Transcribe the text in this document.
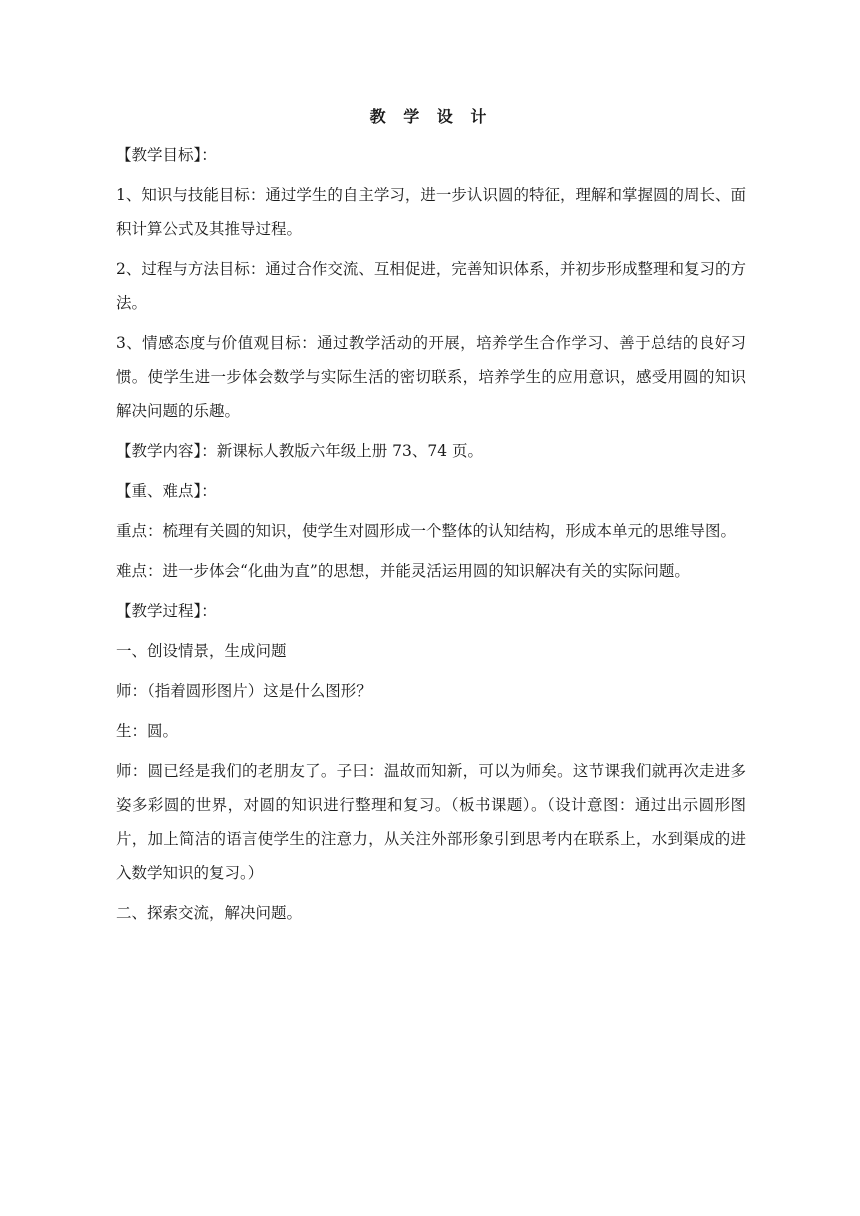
教 学 设 计

【教学目标】：

1、知识与技能目标：通过学生的自主学习，进一步认识圆的特征，理解和掌握圆的周长、面积计算公式及其推导过程。

2、过程与方法目标：通过合作交流、互相促进，完善知识体系，并初步形成整理和复习的方法。

3、情感态度与价值观目标：通过教学活动的开展，培养学生合作学习、善于总结的良好习惯。使学生进一步体会数学与实际生活的密切联系，培养学生的应用意识，感受用圆的知识解决问题的乐趣。

【教学内容】：新课标人教版六年级上册 73、74 页。

【重、难点】：

重点：梳理有关圆的知识，使学生对圆形成一个整体的认知结构，形成本单元的思维导图。

难点：进一步体会“化曲为直”的思想，并能灵活运用圆的知识解决有关的实际问题。

【教学过程】：

一、创设情景，生成问题

师：（指着圆形图片）这是什么图形？

生：圆。

师：圆已经是我们的老朋友了。子曰：温故而知新，可以为师矣。这节课我们就再次走进多姿多彩圆的世界，对圆的知识进行整理和复习。（板书课题）。（设计意图：通过出示圆形图片，加上简洁的语言使学生的注意力，从关注外部形象引到思考内在联系上，水到渠成的进入数学知识的复习。）

二、探索交流，解决问题。
